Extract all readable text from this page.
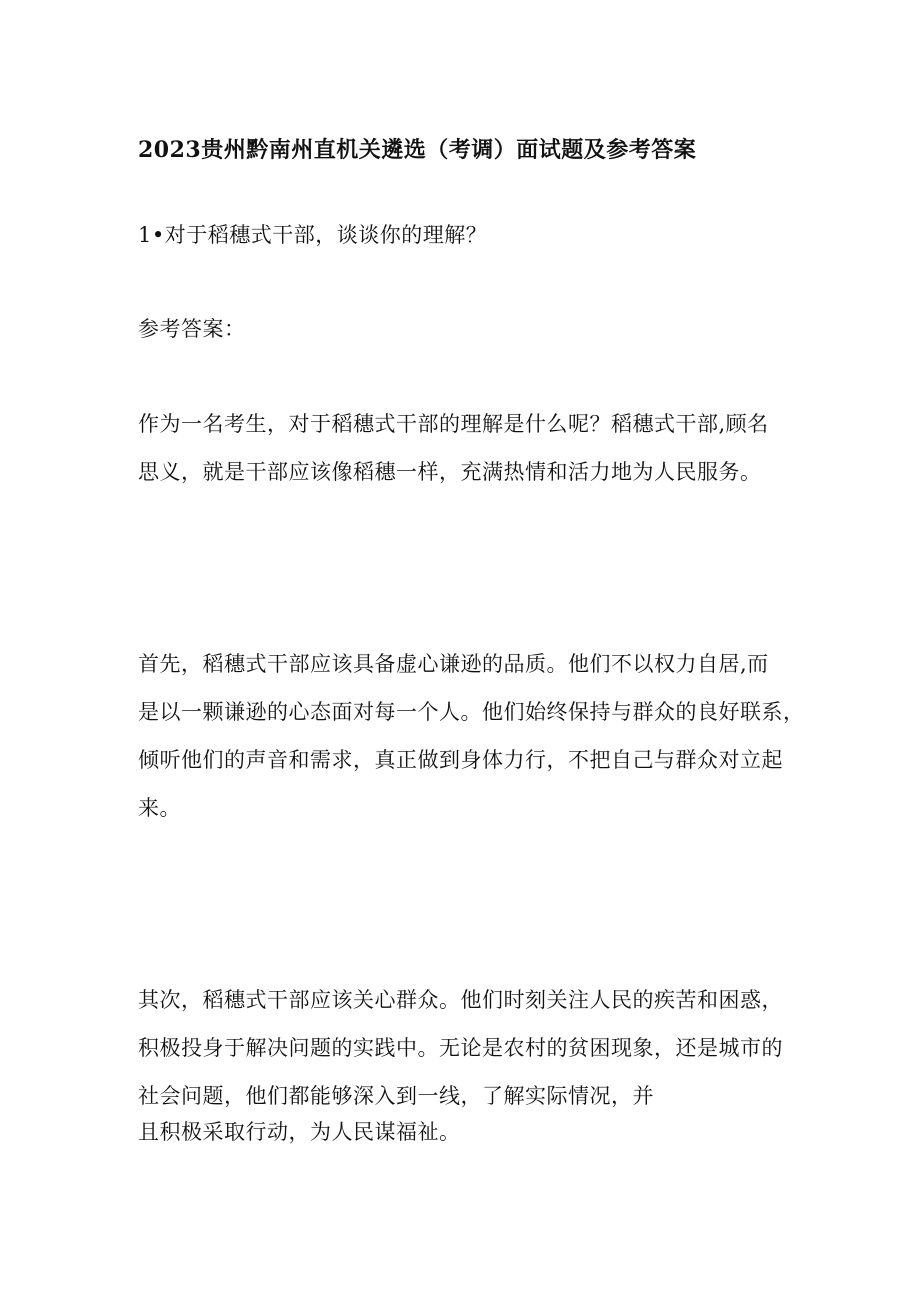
2023贵州黔南州直机关遴选（考调）面试题及参考答案
1•对于稻穗式干部，谈谈你的理解？
参考答案：
作为一名考生，对于稻穗式干部的理解是什么呢？稻穗式干部,顾名
思义，就是干部应该像稻穗一样，充满热情和活力地为人民服务。
首先，稻穗式干部应该具备虚心谦逊的品质。他们不以权力自居,而
是以一颗谦逊的心态面对每一个人。他们始终保持与群众的良好联系，
倾听他们的声音和需求，真正做到身体力行，不把自己与群众对立起
来。
其次，稻穗式干部应该关心群众。他们时刻关注人民的疾苦和困惑，
积极投身于解决问题的实践中。无论是农村的贫困现象，还是城市的
社会问题，他们都能够深入到一线，了解实际情况，并
且积极采取行动，为人民谋福祉。
